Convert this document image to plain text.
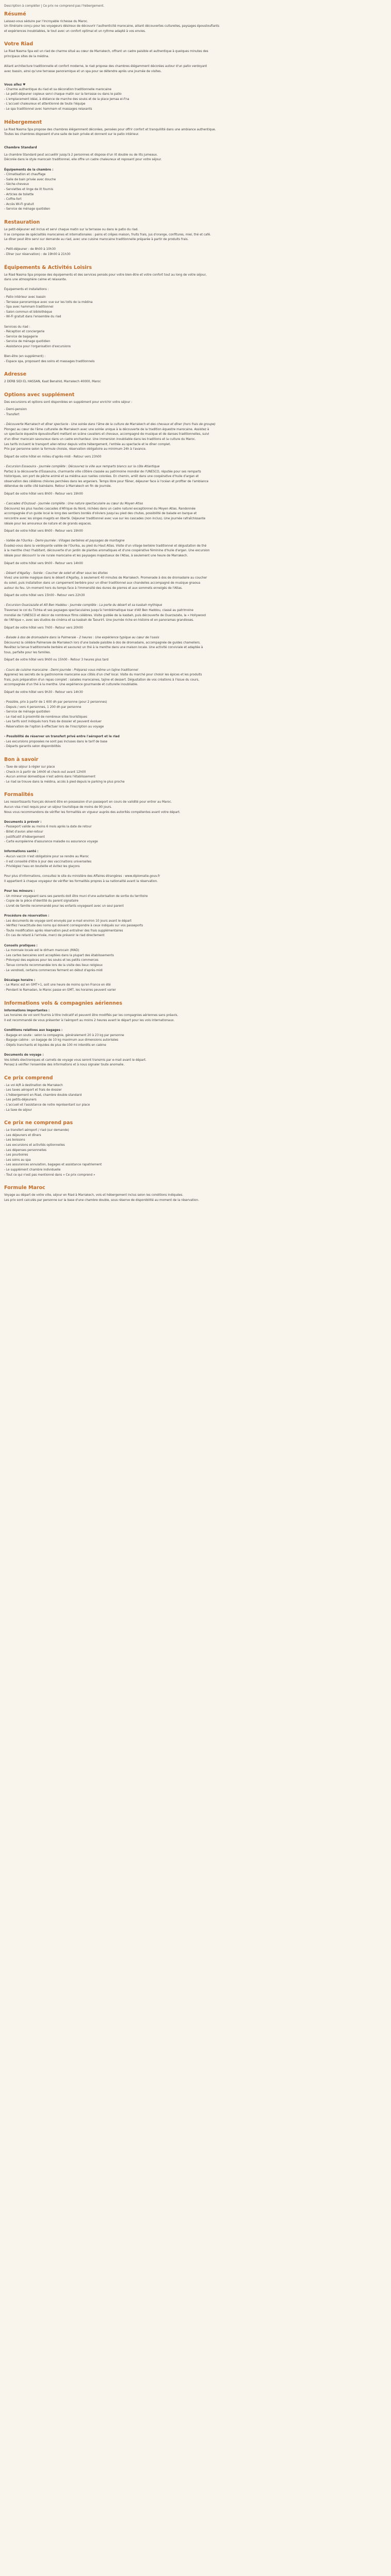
Description à compléter | Ce prix ne comprend pas l'hébergement.

Résumé

Laissez-vous séduire par l'incroyable richesse du Maroc.

Un itinéraire conçu pour les voyageurs désireux de découvrir l'authenticité marocaine, alliant découvertes culturelles, paysages époustouflants

et expériences inoubliables, le tout avec un confort optimal et un rythme adapté à vos envies.

Votre Riad

Le Riad Nasma Spa est un riad de charme situé au cœur de Marrakech, offrant un cadre paisible et authentique à quelques minutes des

principaux sites de la médina.

Alliant architecture traditionnelle et confort moderne, le riad propose des chambres élégamment décorées autour d'un patio verdoyant

avec bassin, ainsi qu'une terrasse panoramique et un spa pour se détendre après une journée de visites.

Vous allez ♥
- Charme authentique du riad et sa décoration traditionnelle marocaine
- Le petit-déjeuner copieux servi chaque matin sur la terrasse ou dans le patio
- L'emplacement idéal, à distance de marche des souks et de la place Jemaa el-Fna
- L'accueil chaleureux et attentionné de toute l'équipe
- Le spa traditionnel avec hammam et massages relaxants
Hébergement

Le Riad Nasma Spa propose des chambres élégamment décorées, pensées pour offrir confort et tranquillité dans une ambiance authentique.

Toutes les chambres disposent d'une salle de bain privée et donnent sur le patio intérieur.

Chambre Standard

La chambre Standard peut accueillir jusqu'à 2 personnes et dispose d'un lit double ou de lits jumeaux.

Décorée dans le style marocain traditionnel, elle offre un cadre chaleureux et reposant pour votre séjour.

Équipements de la chambre :

- Climatisation et chauffage
- Salle de bain privée avec douche
- Sèche-cheveux
- Serviettes et linge de lit fournis
- Articles de toilette
- Coffre-fort
- Accès Wi-Fi gratuit
- Service de ménage quotidien
Restauration

Le petit-déjeuner est inclus et servi chaque matin sur la terrasse ou dans le patio du riad.

Il se compose de spécialités marocaines et internationales : pains et crêpes maison, fruits frais, jus d'orange, confitures, miel, thé et café.

Le dîner peut être servi sur demande au riad, avec une cuisine marocaine traditionnelle préparée à partir de produits frais.

- Petit-déjeuner : de 8h00 à 10h30

- Dîner (sur réservation) : de 19h00 à 21h30

Équipements & Activités Loisirs

Le Riad Nasma Spa propose des équipements et des services pensés pour votre bien-être et votre confort tout au long de votre séjour,

dans une atmosphère calme et relaxante.

Équipements et installations :

- Patio intérieur avec bassin
- Terrasse panoramique avec vue sur les toits de la médina
- Spa avec hammam traditionnel
- Salon commun et bibliothèque
- Wi-Fi gratuit dans l'ensemble du riad

Services du riad :

- Réception et conciergerie
- Service de bagagerie
- Service de ménage quotidien
- Assistance pour l'organisation d'excursions

Bien-être (en supplément) :

- Espace spa, proposant des soins et massages traditionnels
Adresse

2 DERB SIDI EL HASSAN, Kaat Benahid, Marrakech 40000, Maroc

Options avec supplément

Des excursions et options sont disponibles en supplément pour enrichir votre séjour :

- Demi-pension

- Transfert

- Découverte Marrakech et dîner spectacle - Une soirée dans l'âme de la culture de Marrakech et des chevaux et dîner (hors frais de groupe)

Plongez au cœur de l'âme culturelle de Marrakech avec une soirée unique à la découverte de la tradition équestre marocaine. Assistez à

un spectacle équestre époustouflant mettant en scène cavaliers et chevaux, accompagné de musique et de danses traditionnelles, suivi

d'un dîner marocain savoureux dans un cadre enchanteur. Une immersion inoubliable dans les traditions et la culture du Maroc.

Les tarifs incluent le transport aller-retour depuis votre hébergement, l'entrée au spectacle et le dîner complet.

Prix par personne selon la formule choisie, réservation obligatoire au minimum 24h à l'avance.

Départ de votre hôtel en milieu d'après-midi - Retour vers 23h00

- Excursion Essaouira - Journée complète : Découvrez la ville aux remparts blancs sur la côte Atlantique

Partez à la découverte d'Essaouira, charmante ville côtière classée au patrimoine mondial de l'UNESCO, réputée pour ses remparts

historiques, son port de pêche animé et sa médina aux ruelles colorées. En chemin, arrêt dans une coopérative d'huile d'argan et

observation des célèbres chèvres perchées dans les arganiers. Temps libre pour flâner, déjeuner face à l'océan et profiter de l'ambiance

détendue de cette cité balnéaire. Retour à Marrakech en fin de journée.

Départ de votre hôtel vers 8h00 - Retour vers 19h00

- Cascades d'Ouzoud - Journée complète : Une nature spectaculaire au cœur du Moyen Atlas

Découvrez les plus hautes cascades d'Afrique du Nord, nichées dans un cadre naturel exceptionnel du Moyen Atlas. Randonnée

accompagnée d'un guide local le long des sentiers bordés d'oliviers jusqu'au pied des chutes, possibilité de balade en barque et

rencontre avec les singes magots en liberté. Déjeuner traditionnel avec vue sur les cascades (non inclus). Une journée rafraîchissante

idéale pour les amoureux de nature et de grands espaces.

Départ de votre hôtel vers 8h00 - Retour vers 19h00

- Vallée de l'Ourika - Demi-journée : Villages berbères et paysages de montagne

Évadez-vous dans la verdoyante vallée de l'Ourika, au pied du Haut Atlas. Visite d'un village berbère traditionnel et dégustation de thé

à la menthe chez l'habitant, découverte d'un jardin de plantes aromatiques et d'une coopérative féminine d'huile d'argan. Une excursion

idéale pour découvrir la vie rurale marocaine et les paysages majestueux de l'Atlas, à seulement une heure de Marrakech.

Départ de votre hôtel vers 9h00 - Retour vers 14h00

- Désert d'Agafay - Soirée : Coucher de soleil et dîner sous les étoiles

Vivez une soirée magique dans le désert d'Agafay, à seulement 40 minutes de Marrakech. Promenade à dos de dromadaire au coucher

du soleil, puis installation dans un campement berbère pour un dîner traditionnel aux chandelles accompagné de musique gnaoua

autour du feu. Un moment hors du temps face à l'immensité des dunes de pierres et aux sommets enneigés de l'Atlas.

Départ de votre hôtel vers 15h00 - Retour vers 22h30

- Excursion Ouarzazate et Aït Ben Haddou - Journée complète : La porte du désert et sa kasbah mythique

Traversez le col du Tichka et ses paysages spectaculaires jusqu'à l'emblématique ksar d'Aït Ben Haddou, classé au patrimoine

mondial de l'UNESCO et décor de nombreux films célèbres. Visite guidée de la kasbah, puis découverte de Ouarzazate, la « Hollywood

de l'Afrique », avec ses studios de cinéma et sa kasbah de Taourirt. Une journée riche en histoire et en panoramas grandioses.

Départ de votre hôtel vers 7h00 - Retour vers 20h00

- Balade à dos de dromadaire dans la Palmeraie - 2 heures : Une expérience typique au cœur de l'oasis

Découvrez la célèbre Palmeraie de Marrakech lors d'une balade paisible à dos de dromadaire, accompagnée de guides chameliers.

Revêtez la tenue traditionnelle berbère et savourez un thé à la menthe dans une maison locale. Une activité conviviale et adaptée à

tous, parfaite pour les familles.

Départ de votre hôtel vers 9h00 ou 15h00 - Retour 3 heures plus tard

- Cours de cuisine marocaine - Demi-journée : Préparez vous-même un tajine traditionnel

Apprenez les secrets de la gastronomie marocaine aux côtés d'un chef local. Visite du marché pour choisir les épices et les produits

frais, puis préparation d'un repas complet : salades marocaines, tajine et dessert. Dégustation de vos créations à l'issue du cours,

accompagnée d'un thé à la menthe. Une expérience gourmande et culturelle inoubliable.

Départ de votre hôtel vers 9h30 - Retour vers 14h30

- Possible, prix à partir de 1 600 dh par personne (pour 2 personnes)
- Depuis / vers 4 personnes, 1 200 dh par personne
- Service de ménage quotidien
- Le riad est à proximité de nombreux sites touristiques
- Les tarifs sont indiqués hors frais de dossier et peuvent évoluer
- Réservation de l'option à effectuer lors de l'inscription au voyage
- Possibilité de réserver un transfert privé entre l'aéroport et le riad
- Les excursions proposées ne sont pas incluses dans le tarif de base
- Départs garantis selon disponibilités
Bon à savoir
- Taxe de séjour à régler sur place
- Check-in à partir de 14h00 et check-out avant 12h00
- Aucun animal domestique n'est admis dans l'établissement
- Le riad se trouve dans la médina, accès à pied depuis le parking le plus proche
Formalités

Les ressortissants français doivent être en possession d'un passeport en cours de validité pour entrer au Maroc.

Aucun visa n'est requis pour un séjour touristique de moins de 90 jours.

Nous vous recommandons de vérifier les formalités en vigueur auprès des autorités compétentes avant votre départ.

Documents à prévoir :

- Passeport valide au moins 6 mois après la date de retour
- Billet d'avion aller-retour
- Justificatif d'hébergement
- Carte européenne d'assurance maladie ou assurance voyage

Informations santé :

- Aucun vaccin n'est obligatoire pour se rendre au Maroc
- Il est conseillé d'être à jour des vaccinations universelles
- Privilégiez l'eau en bouteille et évitez les glaçons

Pour plus d'informations, consultez le site du ministère des Affaires étrangères : www.diplomatie.gouv.fr

Il appartient à chaque voyageur de vérifier les formalités propres à sa nationalité avant la réservation.

Pour les mineurs :

- Un mineur voyageant sans ses parents doit être muni d'une autorisation de sortie du territoire
- Copie de la pièce d'identité du parent signataire
- Livret de famille recommandé pour les enfants voyageant avec un seul parent

Procédure de réservation :

- Les documents de voyage sont envoyés par e-mail environ 10 jours avant le départ
- Vérifiez l'exactitude des noms qui doivent correspondre à ceux indiqués sur vos passeports
- Toute modification après réservation peut entraîner des frais supplémentaires
- En cas de retard à l'arrivée, merci de prévenir le riad directement

Conseils pratiques :

- La monnaie locale est le dirham marocain (MAD)
- Les cartes bancaires sont acceptées dans la plupart des établissements
- Prévoyez des espèces pour les souks et les petits commerces
- Tenue correcte recommandée lors de la visite des lieux religieux
- Le vendredi, certains commerces ferment en début d'après-midi

Décalage horaire :

- Le Maroc est en GMT+1, soit une heure de moins qu'en France en été
- Pendant le Ramadan, le Maroc passe en GMT, les horaires peuvent varier
Informations vols & compagnies aériennes

Informations importantes :

Les horaires de vol sont fournis à titre indicatif et peuvent être modifiés par les compagnies aériennes sans préavis.

Il est recommandé de vous présenter à l'aéroport au moins 2 heures avant le départ pour les vols internationaux.

Conditions relatives aux bagages :

- Bagage en soute : selon la compagnie, généralement 20 à 23 kg par personne

- Bagage cabine : un bagage de 10 kg maximum aux dimensions autorisées

- Objets tranchants et liquides de plus de 100 ml interdits en cabine

Documents de voyage :

Vos billets électroniques et carnets de voyage vous seront transmis par e-mail avant le départ.

Pensez à vérifier l'ensemble des informations et à nous signaler toute anomalie.

Ce prix comprend
- Le vol A/R à destination de Marrakech
- Les taxes aéroport et frais de dossier
- L'hébergement en Riad, chambre double standard
- Les petits-déjeuners
- L'accueil et l'assistance de notre représentant sur place
- La taxe de séjour
Ce prix ne comprend pas
- Le transfert aéroport / riad (sur demande)
- Les déjeuners et dîners
- Les boissons
- Les excursions et activités optionnelles
- Les dépenses personnelles
- Les pourboires
- Les soins au spa
- Les assurances annulation, bagages et assistance rapatriement
- Le supplément chambre individuelle
- Tout ce qui n'est pas mentionné dans « Ce prix comprend »
Formule Maroc

Voyage au départ de votre ville, séjour en Riad à Marrakech, vols et hébergement inclus selon les conditions indiquées.

Les prix sont calculés par personne sur la base d'une chambre double, sous réserve de disponibilité au moment de la réservation.
